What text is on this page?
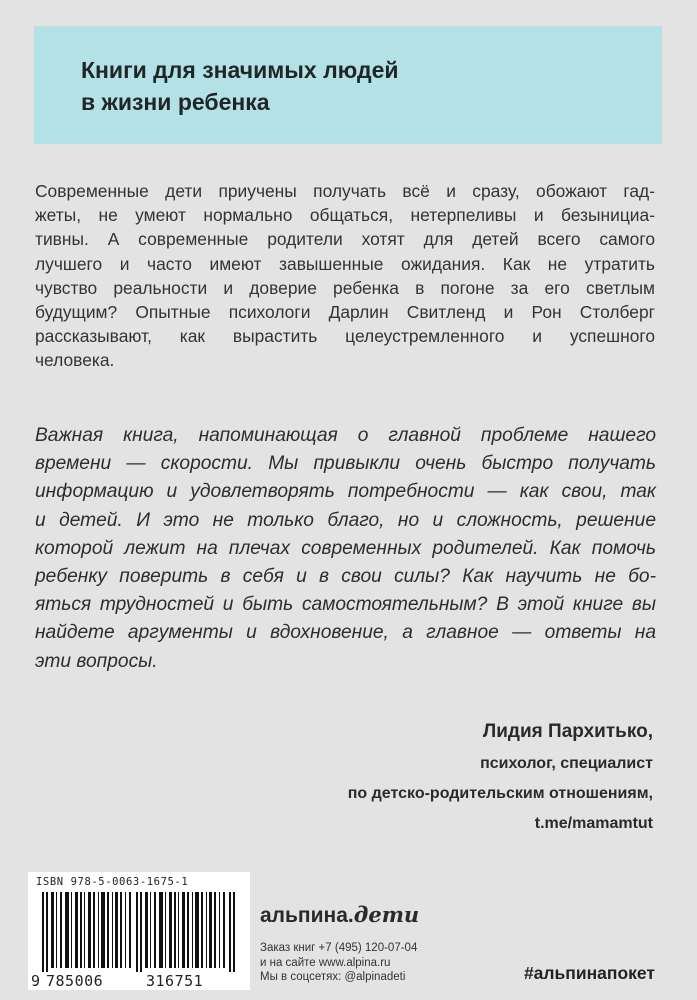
Книги для значимых людей
в жизни ребенка
Современные дети приучены получать всё и сразу, обожают гад-
жеты, не умеют нормально общаться, нетерпеливы и безынициа-
тивны. А современные родители хотят для детей всего самого
лучшего и часто имеют завышенные ожидания. Как не утратить
чувство реальности и доверие ребенка в погоне за его светлым
будущим? Опытные психологи Дарлин Свитленд и Рон Столберг
рассказывают, как вырастить целеустремленного и успешного
человека.
Важная книга, напоминающая о главной проблеме нашего
времени — скорости. Мы привыкли очень быстро получать
информацию и удовлетворять потребности — как свои, так
и детей. И это не только благо, но и сложность, решение
которой лежит на плечах современных родителей. Как помочь
ребенку поверить в себя и в свои силы? Как научить не бо-
яться трудностей и быть самостоятельным? В этой книге вы
найдете аргументы и вдохновение, а главное — ответы на
эти вопросы.
Лидия Пархитько,
психолог, специалист
по детско-родительским отношениям,
t.me/mamamtut
ISBN 978-5-0063-1675-1
9 785006	316751
альпина.дети
Заказ книг +7 (495) 120-07-04
и на сайте www.alpina.ru
Мы в соцсетях: @alpinadeti	#альпинапокет
